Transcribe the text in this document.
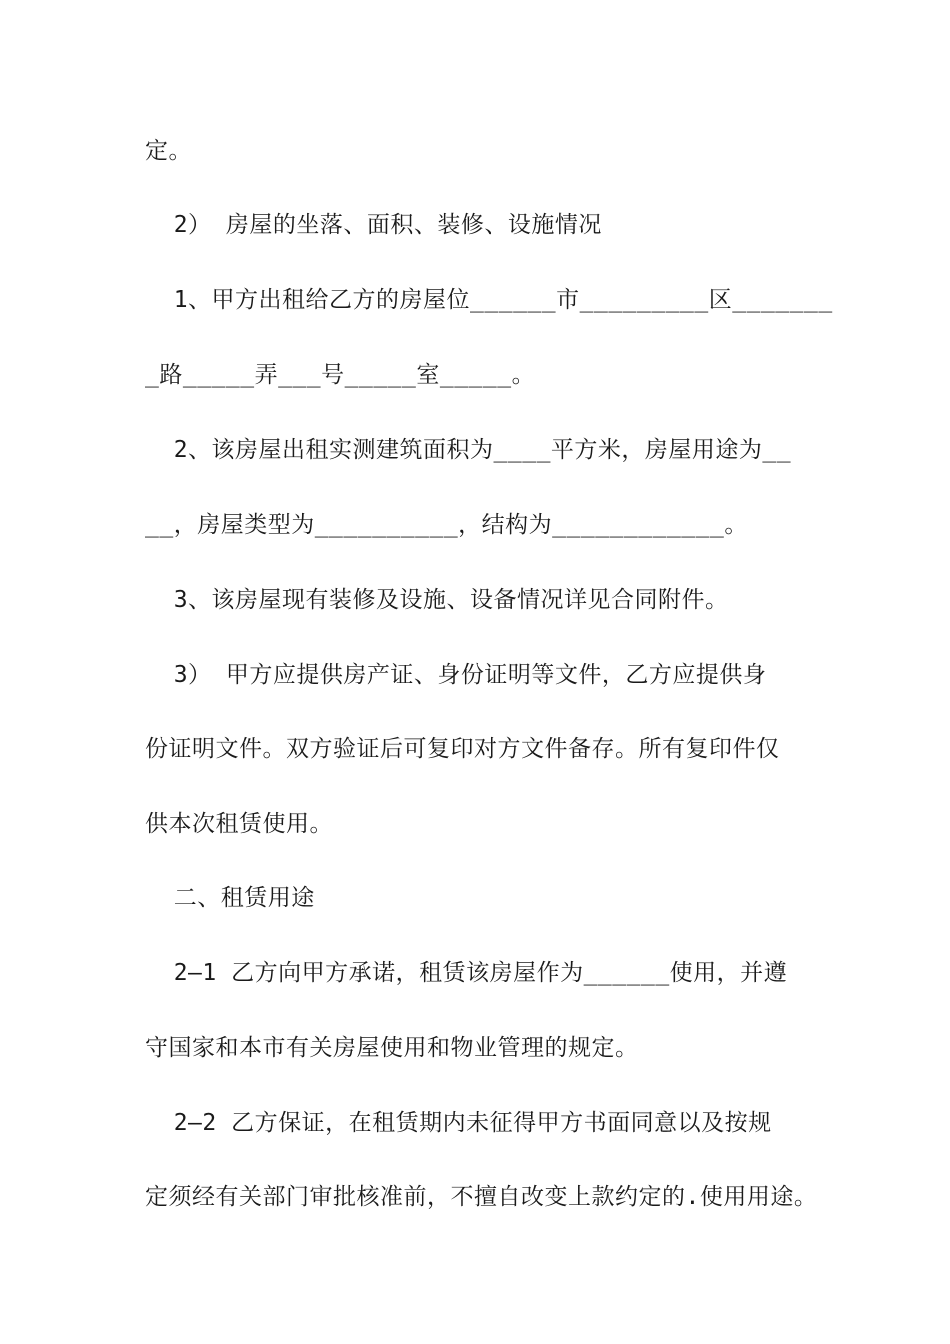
定。
2） 房屋的坐落、面积、装修、设施情况
1、甲方出租给乙方的房屋位______市_________区_______
_路_____弄___号_____室_____。
2、该房屋出租实测建筑面积为____平方米，房屋用途为__
__，房屋类型为__________，结构为____________。
3、该房屋现有装修及设施、设备情况详见合同附件。
3） 甲方应提供房产证、身份证明等文件，乙方应提供身
份证明文件。双方验证后可复印对方文件备存。所有复印件仅
供本次租赁使用。
二、租赁用途
2—1 乙方向甲方承诺，租赁该房屋作为______使用，并遵
守国家和本市有关房屋使用和物业管理的规定。
2—2 乙方保证，在租赁期内未征得甲方书面同意以及按规
定须经有关部门审批核准前，不擅自改变上款约定的.使用用途。
